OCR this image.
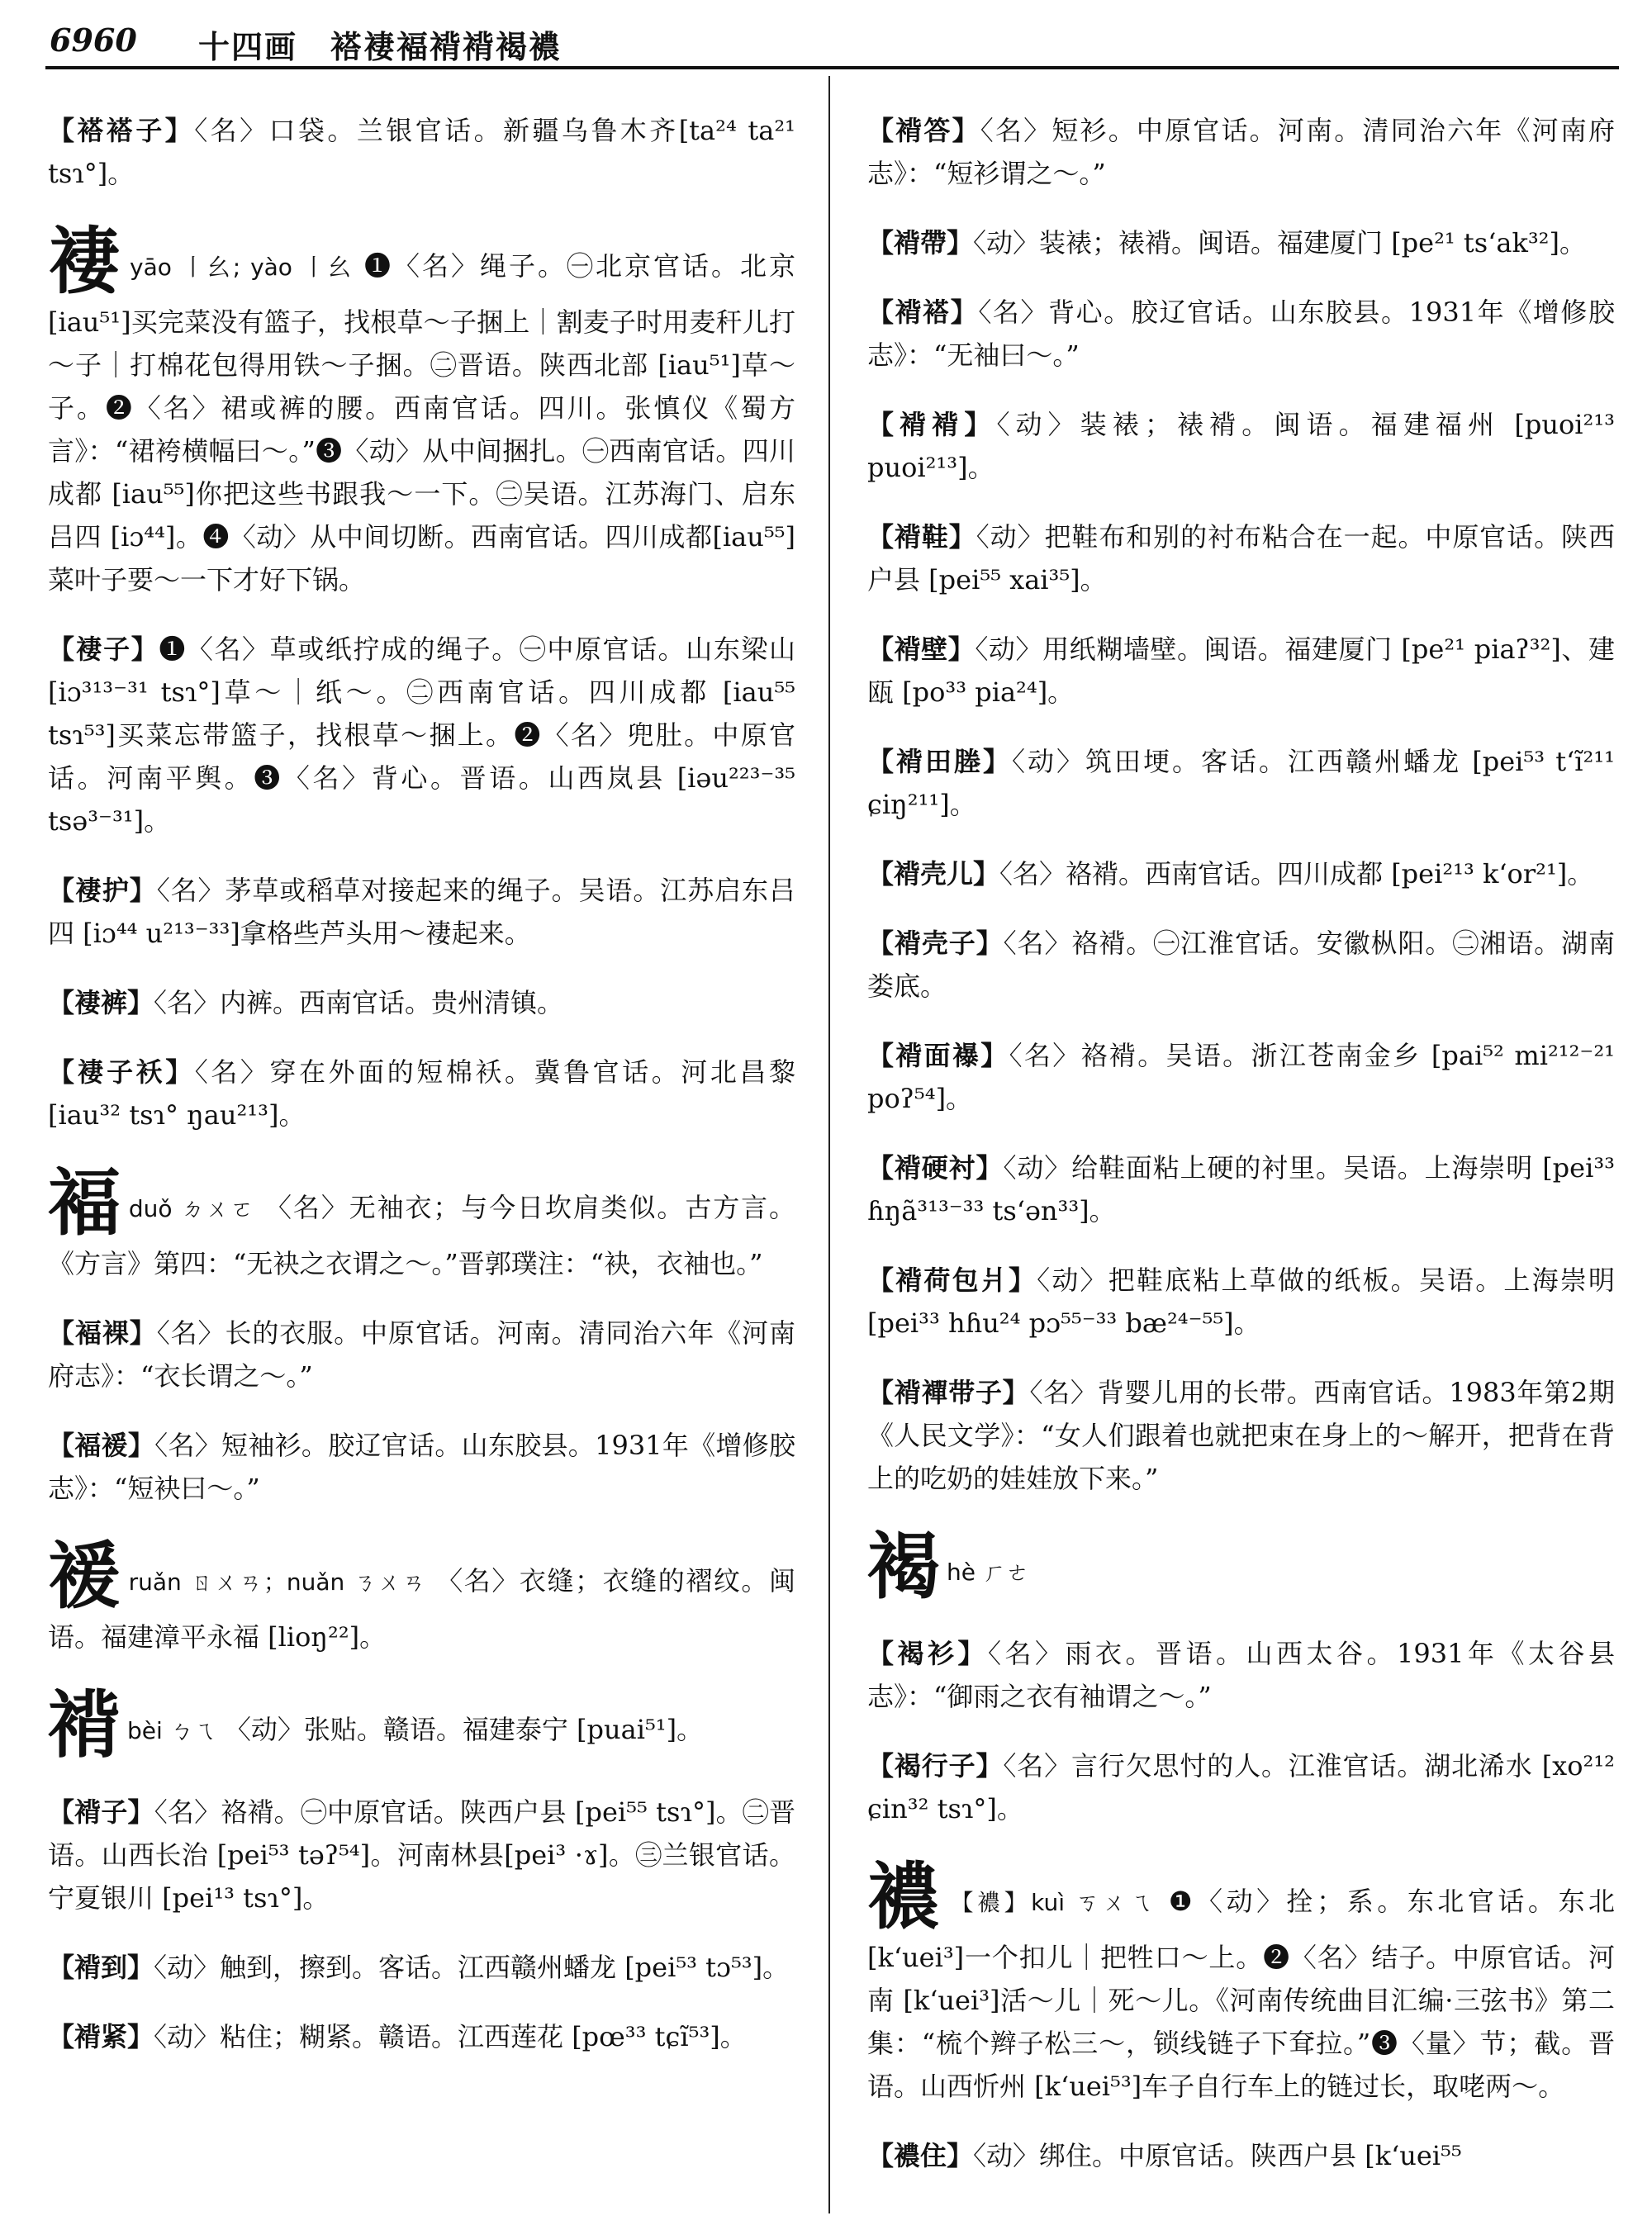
6960 十四画　褡褄褔褙褙褐襛

【褡褡子】〈名〉口袋。兰银官话。新疆乌鲁木齐[ta²⁴ ta²¹ tsɿ°]。

褄yāo 丨幺; yào 丨幺 ❶〈名〉绳子。㊀北京官话。北京 [iau⁵¹]买完菜没有篮子，找根草～子捆上｜割麦子时用麦秆儿打～子｜打棉花包得用铁～子捆。㊁晋语。陕西北部 [iau⁵¹]草～子。❷〈名〉裙或裤的腰。西南官话。四川。张慎仪《蜀方言》：“裙袴横幅曰～。”❸〈动〉从中间捆扎。㊀西南官话。四川成都 [iau⁵⁵]你把这些书跟我～一下。㊁吴语。江苏海门、启东吕四 [iɔ⁴⁴]。❹〈动〉从中间切断。西南官话。四川成都[iau⁵⁵]菜叶子要～一下才好下锅。

【褄子】❶〈名〉草或纸拧成的绳子。㊀中原官话。山东梁山 [iɔ³¹³⁻³¹ tsɿ°]草～｜纸～。㊁西南官话。四川成都 [iau⁵⁵ tsɿ⁵³]买菜忘带篮子，找根草～捆上。❷〈名〉兜肚。中原官话。河南平舆。❸〈名〉背心。晋语。山西岚县 [iəu²²³⁻³⁵ tsə³⁻³¹]。

【褄护】〈名〉茅草或稻草对接起来的绳子。吴语。江苏启东吕四 [iɔ⁴⁴ u²¹³⁻³³]拿格些芦头用～褄起来。

【褄裤】〈名〉内裤。西南官话。贵州清镇。

【褄子袄】〈名〉穿在外面的短棉袄。冀鲁官话。河北昌黎 [iau³² tsɿ° ŋau²¹³]。

褔duǒ ㄉㄨㄛ 〈名〉无袖衣；与今日坎肩类似。古方言。《方言》第四：“无袂之衣谓之～。”晋郭璞注：“袂，衣袖也。”

【褔裸】〈名〉长的衣服。中原官话。河南。清同治六年《河南府志》：“衣长谓之～。”

【褔褑】〈名〉短袖衫。胶辽官话。山东胶县。1931年《增修胶志》：“短袂曰～。”

褑ruǎn ㄖㄨㄢ；nuǎn ㄋㄨㄢ 〈名〉衣缝；衣缝的褶纹。闽语。福建漳平永福 [lioŋ²²]。

褙bèi ㄅㄟ 〈动〉张贴。赣语。福建泰宁 [puai⁵¹]。

【褙子】〈名〉袼褙。㊀中原官话。陕西户县 [pei⁵⁵ tsɿ°]。㊁晋语。山西长治 [pei⁵³ təʔ⁵⁴]。河南林县[pei³ ·ɤ]。㊂兰银官话。宁夏银川 [pei¹³ tsɿ°]。

【褙到】〈动〉触到，擦到。客话。江西赣州蟠龙 [pei⁵³ tɔ⁵³]。

【褙紧】〈动〉粘住；糊紧。赣语。江西莲花 [pœ³³ tɕĩ⁵³]。

【褙答】〈名〉短衫。中原官话。河南。清同治六年《河南府志》：“短衫谓之～。”

【褙帶】〈动〉装裱；裱褙。闽语。福建厦门 [pe²¹ ts‘ak³²]。

【褙褡】〈名〉背心。胶辽官话。山东胶县。1931年《增修胶志》：“无袖曰～。”

【褙褙】〈动〉装裱；裱褙。闽语。福建福州 [puoi²¹³ puoi²¹³]。

【褙鞋】〈动〉把鞋布和别的衬布粘合在一起。中原官话。陕西户县 [pei⁵⁵ xai³⁵]。

【褙壁】〈动〉用纸糊墙壁。闽语。福建厦门 [pe²¹ piaʔ³²]、建瓯 [po³³ pia²⁴]。

【褙田塍】〈动〉筑田埂。客话。江西赣州蟠龙 [pei⁵³ t‘ĩ²¹¹ ɕiŋ²¹¹]。

【褙壳儿】〈名〉袼褙。西南官话。四川成都 [pei²¹³ k‘or²¹]。

【褙壳子】〈名〉袼褙。㊀江淮官话。安徽枞阳。㊁湘语。湖南娄底。

【褙面襮】〈名〉袼褙。吴语。浙江苍南金乡 [pai⁵² mi²¹²⁻²¹ poʔ⁵⁴]。

【褙硬衬】〈动〉给鞋面粘上硬的衬里。吴语。上海崇明 [pei³³ ɦŋã³¹³⁻³³ ts‘ən³³]。

【褙荷包爿】〈动〉把鞋底粘上草做的纸板。吴语。上海崇明 [pei³³ hɦu²⁴ pɔ⁵⁵⁻³³ bæ²⁴⁻⁵⁵]。

【褙襌带子】〈名〉背婴儿用的长带。西南官话。1983年第2期《人民文学》：“女人们跟着也就把束在身上的～解开，把背在背上的吃奶的娃娃放下来。”

褐hè ㄏㄜ

【褐衫】〈名〉雨衣。晋语。山西太谷。1931年《太谷县志》：“御雨之衣有袖谓之～。”

【褐行子】〈名〉言行欠思忖的人。江淮官话。湖北浠水 [xo²¹² ɕin³² tsɿ°]。

襛 【襛】kuì ㄎㄨㄟ ❶〈动〉拴；系。东北官话。东北 [k‘uei³]一个扣儿｜把牲口～上。❷〈名〉结子。中原官话。河南 [k‘uei³]活～儿｜死～儿。《河南传统曲目汇编·三弦书》第二集：“梳个辫子松三～，锁线链子下耷拉。”❸〈量〉节；截。晋语。山西忻州 [k‘uei⁵³]车子自行车上的链过长，取咾两～。

【襛住】〈动〉绑住。中原官话。陕西户县 [k‘uei⁵⁵
